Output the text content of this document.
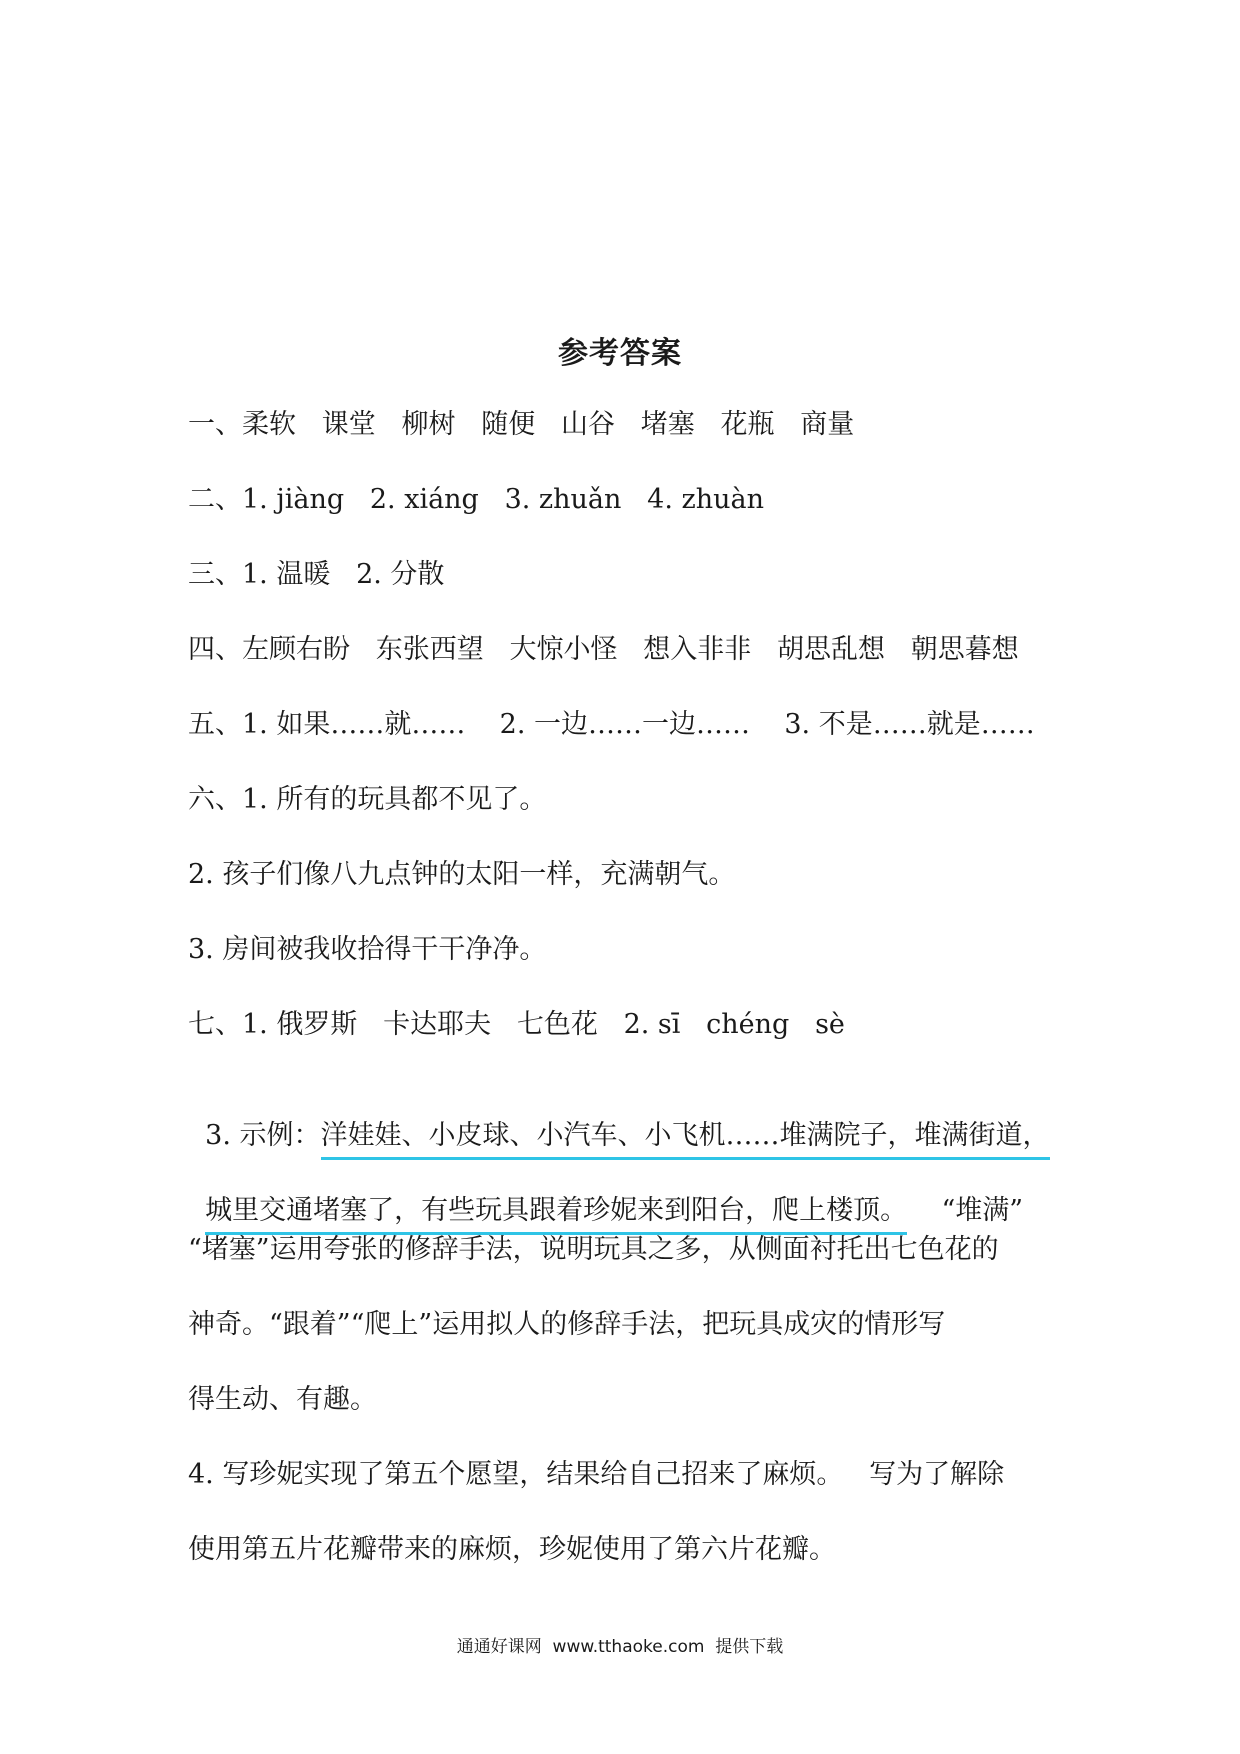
参考答案
一、柔软   课堂   柳树   随便   山谷   堵塞   花瓶   商量
二、1. jiàng   2. xiáng   3. zhuǎn   4. zhuàn
三、1. 温暖   2. 分散
四、左顾右盼   东张西望   大惊小怪   想入非非   胡思乱想   朝思暮想
五、1. 如果……就……    2. 一边……一边……    3. 不是……就是……
六、1. 所有的玩具都不见了。
2. 孩子们像八九点钟的太阳一样，充满朝气。
3. 房间被我收拾得干干净净。
七、1. 俄罗斯   卡达耶夫   七色花   2. sī   chéng   sè

3. 示例：洋娃娃、小皮球、小汽车、小飞机……堆满院子，堆满街道，

城里交通堵塞了，有些玩具跟着珍妮来到阳台，爬上楼顶。    “堆满”

“堵塞”运用夸张的修辞手法，说明玩具之多，从侧面衬托出七色花的
神奇。“跟着”“爬上”运用拟人的修辞手法，把玩具成灾的情形写
得生动、有趣。
4. 写珍妮实现了第五个愿望，结果给自己招来了麻烦。   写为了解除
使用第五片花瓣带来的麻烦，珍妮使用了第六片花瓣。
通通好课网  www.tthaoke.com  提供下载
